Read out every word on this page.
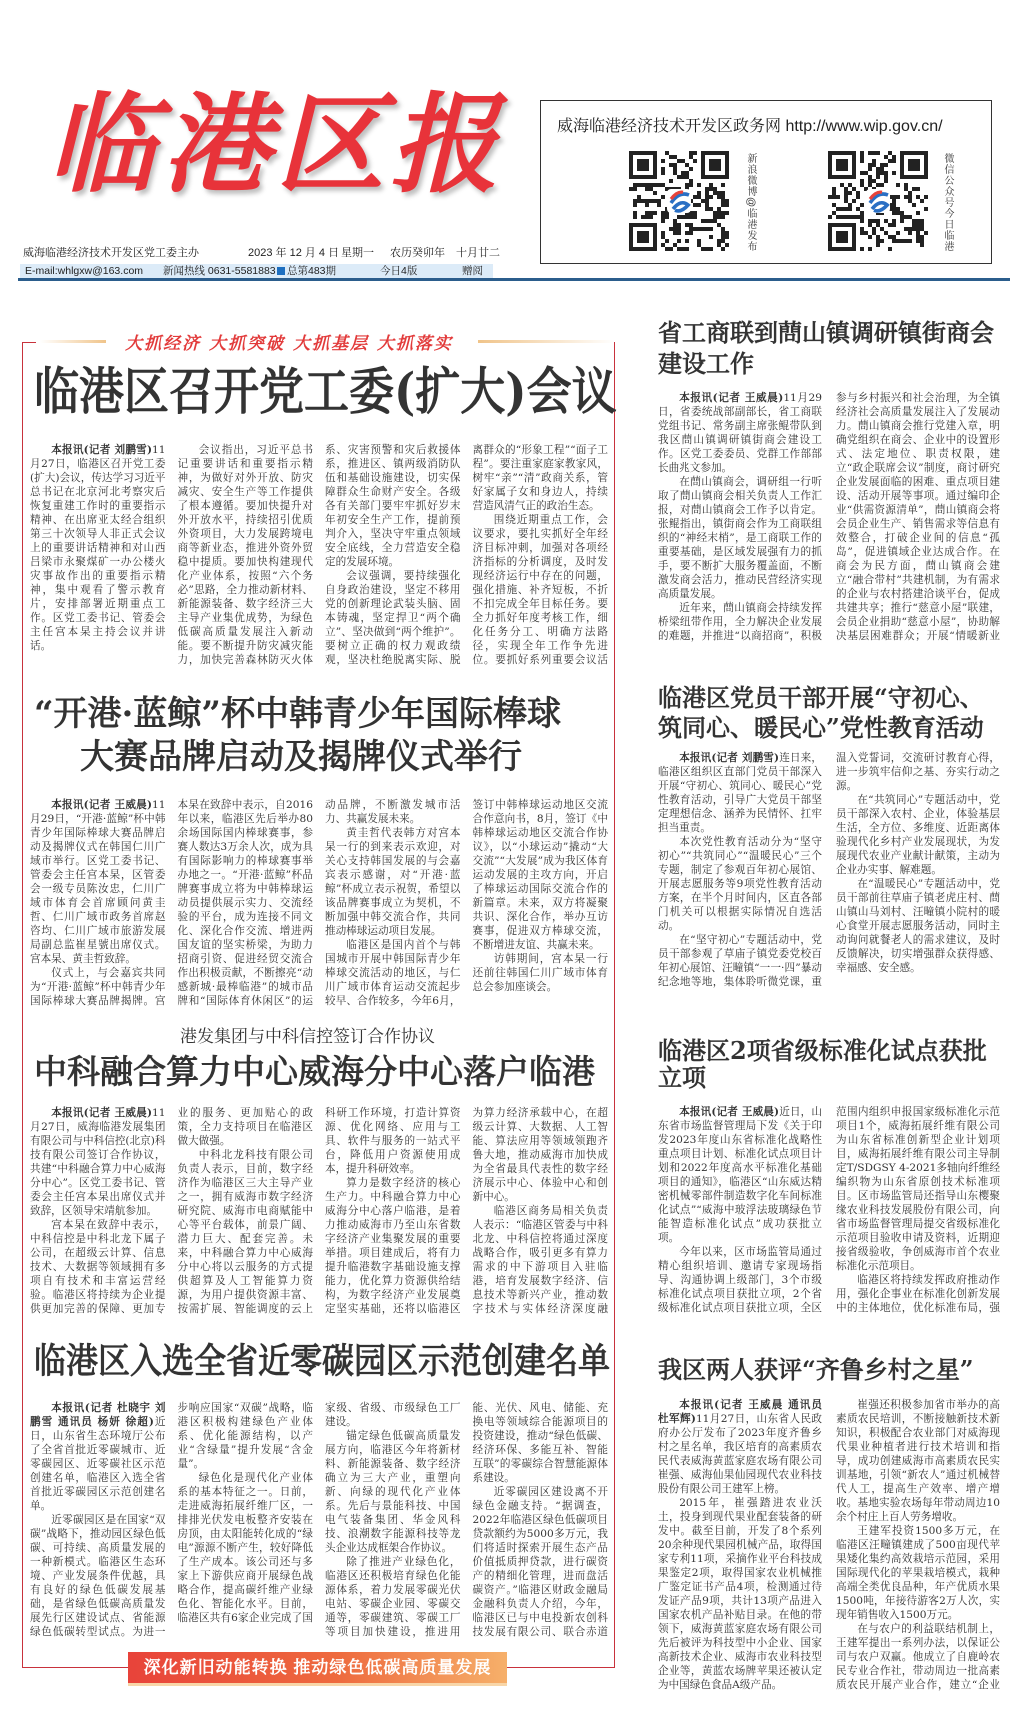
临港区报
威海临港经济技术开发区党工委主办	2023 年 12 月 4 日 星期一 农历癸卯年　十月廿二
E-mail:whlgxw@163.com 新闻热线 0631-5581883	总第483期	今日4版	赠阅
威海临港经济技术开发区政务网 http://www.wip.gov.cn/
新浪微博@临港发布	微信公众号今日临港
大抓经济 大抓突破 大抓基层 大抓落实
临港区召开党工委(扩大)会议

本报讯(记者 刘鹏雪)11月27日，临港区召开党工委(扩大)会议，传达学习习近平总书记在北京河北考察灾后恢复重建工作时的重要指示精神、在出席亚太经合组织第三十次领导人非正式会议上的重要讲话精神和对山西吕梁市永聚煤矿一办公楼火灾事故作出的重要指示精神，集中观看了警示教育片，安排部署近期重点工作。区党工委书记、管委会主任宫本杲主持会议并讲话。

会议指出，习近平总书记重要讲话和重要指示精神，为做好对外开放、防灾减灾、安全生产等工作提供了根本遵循。要加快提升对外开放水平，持续招引优质外资项目，大力发展跨境电商等新业态，推进外资外贸稳中提质。要加快构建现代化产业体系，按照“六个务必”思路，全力推动新材料、新能源装备、数字经济三大主导产业集优成势，为绿色低碳高质量发展注入新动能。要不断提升防灾减灾能力，加快完善森林防灭火体系、灾害预警和灾后救援体系，推进区、镇两级消防队伍和基础设施建设，切实保障群众生命财产安全。各级各有关部门要牢牢抓好岁末年初安全生产工作，提前预判介入，坚决守牢重点领域安全底线，全力营造安全稳定的发展环境。

会议强调，要持续强化自身政治建设，坚定不移用党的创新理论武装头脑、固本铸魂，坚定捍卫“两个确立”、坚决做到“两个维护”。要树立正确的权力观政绩观，坚决杜绝脱离实际、脱离群众的“形象工程”“面子工程”。要注重家庭家教家风，树牢“亲”“清”政商关系，管好家属子女和身边人，持续营造风清气正的政治生态。

围绕近期重点工作，会议要求，要扎实抓好全年经济目标冲刺，加强对各项经济指标的分析调度，及时发现经济运行中存在的问题，强化措施、补齐短板，不折不扣完成全年目标任务。要全力抓好年度考核工作，细化任务分工、明确方法路径，实现全年工作争先进位。要抓好系列重要会议活

“开港·蓝鲸”杯中韩青少年国际棒球
大赛品牌启动及揭牌仪式举行

本报讯(记者 王威晨)11月29日，“开港·蓝鲸”杯中韩青少年国际棒球大赛品牌启动及揭牌仪式在韩国仁川广域市举行。区党工委书记、管委会主任宫本杲，区管委会一级专员陈汝忠，仁川广域市体育会首席顾问黄圭哲、仁川广域市政务首席赵咨均、仁川广域市旅游发展局副总监崔星號出席仪式。宫本杲、黄圭哲致辞。

仪式上，与会嘉宾共同为“开港·蓝鲸”杯中韩青少年国际棒球大赛品牌揭牌。宫本杲在致辞中表示，自2016年以来，临港区先后举办80余场国际国内棒球赛事，参赛人数达3万余人次，成为具有国际影响力的棒球赛事举办地之一。“开港·蓝鲸”杯品牌赛事成立将为中韩棒球运动员提供展示实力、交流经验的平台，成为连接不同文化、深化合作交流、增进两国友谊的坚实桥梁，为助力招商引资、促进经贸交流合作出积极贡献，不断擦亮“动感新城·最棒临港”的城市品牌和“国际体育休闲区”的运动品牌，不断激发城市活力、共赢发展未来。

黄圭哲代表韩方对宫本杲一行的到来表示欢迎，对关心支持韩国发展的与会嘉宾表示感谢，对“开港·蓝鲸”杯成立表示祝贺，希望以该品牌赛事成立为契机，不断加强中韩交流合作，共同推动棒球运动项目发展。

临港区是国内首个与韩国城市开展中韩国际青少年棒球交流活动的地区，与仁川广域市体育运动交流起步较早、合作较多，今年6月，签订中韩棒球运动地区交流合作意向书，8月，签订《中韩棒球运动地区交流合作协议》，以“小球运动”撬动“大交流”“大发展”成为我区体育运动发展的主攻方向，开启了棒球运动国际交流合作的新篇章。未来，双方将凝聚共识、深化合作，举办互访赛事，促进双方棒球交流，不断增进友谊、共赢未来。

访韩期间，宫本杲一行还前往韩国仁川广域市体育总会参加座谈会。

港发集团与中科信控签订合作协议
中科融合算力中心威海分中心落户临港

本报讯(记者 王威晨)11月27日，威海临港发展集团有限公司与中科信控(北京)科技有限公司签订合作协议，共建“中科融合算力中心威海分中心”。区党工委书记、管委会主任宫本杲出席仪式并致辞，区领导宋靖航参加。

宫本杲在致辞中表示，中科信控是中科北龙下属子公司，在超级云计算、信息技术、大数据等领域拥有多项自有技术和丰富运营经验。临港区将持续为企业提供更加完善的保障、更加专业的服务、更加贴心的政策，全力支持项目在临港区做大做强。

中科北龙科技有限公司负责人表示，目前，数字经济作为临港区三大主导产业之一，拥有威海市数字经济研究院、威海市电商赋能中心等平台载体，前景广阔、潜力巨大、配套完善。未来，中科融合算力中心威海分中心将以云服务的方式提供超算及人工智能算力资源，为用户提供资源丰富、按需扩展、智能调度的云上科研工作环境，打造计算资源、优化网络、应用与工具、软件与服务的一站式平台，降低用户资源使用成本，提升科研效率。

算力是数字经济的核心生产力。中科融合算力中心威海分中心落户临港，是着力推动威海市乃至山东省数字经济产业集聚发展的重要举措。项目建成后，将有力提升临港数字基础设施支撑能力，优化算力资源供给结构，为数字经济产业发展奠定坚实基础，还将以临港区为算力经济承载中心，在超级云计算、大数据、人工智能、算法应用等领域领跑齐鲁大地，推动威海市加快成为全省最具代表性的数字经济展示中心、体验中心和创新中心。

临港区商务局相关负责人表示：“临港区管委与中科北龙、中科信控将通过深度战略合作，吸引更多有算力需求的中下游项目入驻临港，培育发展数字经济、信息技术等新兴产业，推动数字技术与实体经济深度融

临港区入选全省近零碳园区示范创建名单

本报讯(记者 杜晓宇 刘鹏雪 通讯员 杨妍 徐超)近日，山东省生态环境厅公布了全省首批近零碳城市、近零碳园区、近零碳社区示范创建名单，临港区入选全省首批近零碳园区示范创建名单。

近零碳园区是在国家“双碳”战略下，推动园区绿色低碳、可持续、高质量发展的一种新模式。临港区生态环境、产业发展条件优越，具有良好的绿色低碳发展基础，是省绿色低碳高质量发展先行区建设试点、省能源绿色低碳转型试点。为进一步响应国家“双碳”战略，临港区积极构建绿色产业体系、优化能源结构，以产业“含绿量”提升发展“含金量”。

绿色化是现代化产业体系的基本特征之一。日前，走进威海拓展纤维厂区，一排排光伏发电板整齐安装在房顶，由太阳能转化成的“绿电”源源不断产生，较好降低了生产成本。该公司还与多家上下游供应商开展绿色战略合作，提高碳纤维产业绿色化、智能化水平。目前，临港区共有6家企业完成了国家级、省级、市级绿色工厂建设。

锚定绿色低碳高质量发展方向，临港区今年将新材料、新能源装备、数字经济确立为三大产业，重塑向新、向绿的现代化产业体系。先后与景能科技、中国电气装备集团、华金风科技、浪潮数字能源科技等龙头企业达成框架合作协议。

除了推进产业绿色化，临港区还积极培育绿色化能源体系，着力发展零碳光伏电站、零碳企业园、零碳交通等，零碳建筑、零碳工厂等项目加快建设，推进用能、光伏、风电、储能、充换电等领域综合能源项目的投资建设，推动“绿色低碳、经济环保、多能互补、智能互联”的零碳综合智慧能源体系建设。

近零碳园区建设离不开绿色金融支持。“据调查，2022年临港区绿色低碳项目贷款额约为5000多万元，我们将适时探索开展生态产品价值抵质押贷款，进行碳资产的精细化管理，进而盘活碳资产。”临港区财政金融局金融科负责人介绍，今年，临港区已与中电投新农创科技发展有限公司、联合赤道

深化新旧动能转换 推动绿色低碳高质量发展
省工商联到蔄山镇调研镇街商会
建设工作

本报讯(记者 王威晨)11月29日，省委统战部副部长，省工商联党组书记、常务副主席张鲲带队到我区蔄山镇调研镇街商会建设工作。区党工委委员、党群工作部部长曲兆文参加。

在蔄山镇商会，调研组一行听取了蔄山镇商会相关负责人工作汇报，对蔄山镇商会工作予以肯定。张鲲指出，镇街商会作为工商联组织的“神经末梢”，是工商联工作的重要基础，是区域发展强有力的抓手，要不断扩大服务覆盖面，不断激发商会活力，推动民营经济实现高质量发展。

近年来，蔄山镇商会持续发挥桥梁纽带作用，全力解决企业发展的难题，并推进“以商招商”，积极参与乡村振兴和社会治理，为全镇经济社会高质量发展注入了发展动力。蔄山镇商会推行党建入章，明确党组织在商会、企业中的设置形式、法定地位、职责权限，建立“政企联席会议”制度，商讨研究企业发展面临的困难、重点项目建设、活动开展等事项。通过编印企业“供需资源清单”，蔄山镇商会将会员企业生产、销售需求等信息有效整合，打破企业间的信息“孤岛”，促进镇域企业达成合作。在商会为民方面，蔄山镇商会建立“融合带村”共建机制，为有需求的企业与农村搭建洽谈平台，促成共建共享；推行“慈意小屋”联建，会员企业捐助“慈意小屋”，协助解决基层困难群众；开展“情暖新业

临港区党员干部开展“守初心、
筑同心、暖民心”党性教育活动

本报讯(记者 刘鹏雪)连日来，临港区组织区直部门党员干部深入开展“守初心、筑同心、暖民心”党性教育活动，引导广大党员干部坚定理想信念、涵养为民情怀、扛牢担当重责。

本次党性教育活动分为“坚守初心”“共筑同心”“温暖民心”三个专题，制定了参观百年初心展馆、开展志愿服务等9项党性教育活动方案，在半个月时间内，区直各部门机关可以根据实际情况自选活动。

在“坚守初心”专题活动中，党员干部参观了草庙子镇党委党校百年初心展馆、汪疃镇“一一·四”暴动纪念地等地，集体聆听微党课，重温入党誓词，交流研讨教育心得，进一步筑牢信仰之基、夯实行动之源。

在“共筑同心”专题活动中，党员干部深入农村、企业，体验基层生活，全方位、多维度、近距离体验现代化乡村产业发展现状，为发展现代农业产业献计献策，主动为企业办实事、解难题。

在“温暖民心”专题活动中，党员干部前往草庙子镇老虎庄村、蔄山镇山马刘村、汪疃镇小院村的暖心食堂开展志愿服务活动，同时主动询问就餐老人的需求建议，及时反馈解决，切实增强群众获得感、幸福感、安全感。

临港区2项省级标准化试点获批
立项

本报讯(记者 王威晨)近日，山东省市场监督管理局下发《关于印发2023年度山东省标准化战略性重点项目计划、标准化试点项目计划和2022年度高水平标准化基础项目的通知》，临港区“山东威达精密机械零部件制造数字化车间标准化试点”“威海中玻浮法玻璃绿色节能智造标准化试点”成功获批立项。

今年以来，区市场监管局通过精心组织培训、邀请专家现场指导、沟通协调上级部门，3个市级标准化试点项目获批立项，2个省级标准化试点项目获批立项，全区范围内组织申报国家级标准化示范项目1个，威海拓展纤维有限公司为山东省标准创新型企业计划项目，威海拓展纤维有限公司主导制定T/SDGSY 4-2021多轴向纤维经编织物为山东省原创技术标准项目。区市场监管局还指导山东樱聚缘农业科技发展股份有限公司，向省市场监督管理局提交省级标准化示范项目验收申请及资料，近期迎接省级验收，争创威海市首个农业标准化示范项目。

临港区将持续发挥政府推动作用，强化企事业在标准化创新发展中的主体地位，优化标准布局，强

我区两人获评“齐鲁乡村之星”

本报讯(记者 王威晨 通讯员 杜军辉)11月27日，山东省人民政府办公厅发布了2023年度齐鲁乡村之星名单，我区培育的高素质农民代表威海黄蓝家庭农场有限公司崔强、威海仙果仙园现代农业科技股份有限公司王建军上榜。

2015年，崔强踏进农业沃土，投身到现代果业配套装备的研发中。截至目前，开发了8个系列20余种现代果园机械产品，取得国家专利11项，采摘作业平台科技成果鉴定2项，取得国家农业机械推广鉴定证书产品4项，检测通过待发证产品9项，共计13项产品进入国家农机产品补贴目录。在他的带领下，威海黄蓝家庭农场有限公司先后被评为科技型中小企业、国家高新技术企业、威海市农业科技型企业等，黄蓝农场牌苹果还被认定为中国绿色食品A级产品。

崔强还积极参加省市举办的高素质农民培训，不断接触新技术新知识，积极配合农业部门对威海现代果业种植者进行技术培训和指导，成功创建威海市高素质农民实训基地，引领“新农人”通过机械替代人工，提高生产效率、增产增收。基地实验农场每年带动周边10余个村庄上百人劳务增收。

王建军投资1500多万元，在临港区汪疃镇建成了500亩现代苹果矮化集约高效栽培示范园，采用国际现代化的苹果栽培模式，栽种高端全类优良品种，年产优质水果1500吨，年接待游客2万人次，实现年销售收入1500万元。

在与农户的利益联结机制上，王建军提出一系列办法，以保证公司与农户双赢。他成立了自鹿岭农民专业合作社，带动周边一批高素质农民开展产业合作，建立“企业
